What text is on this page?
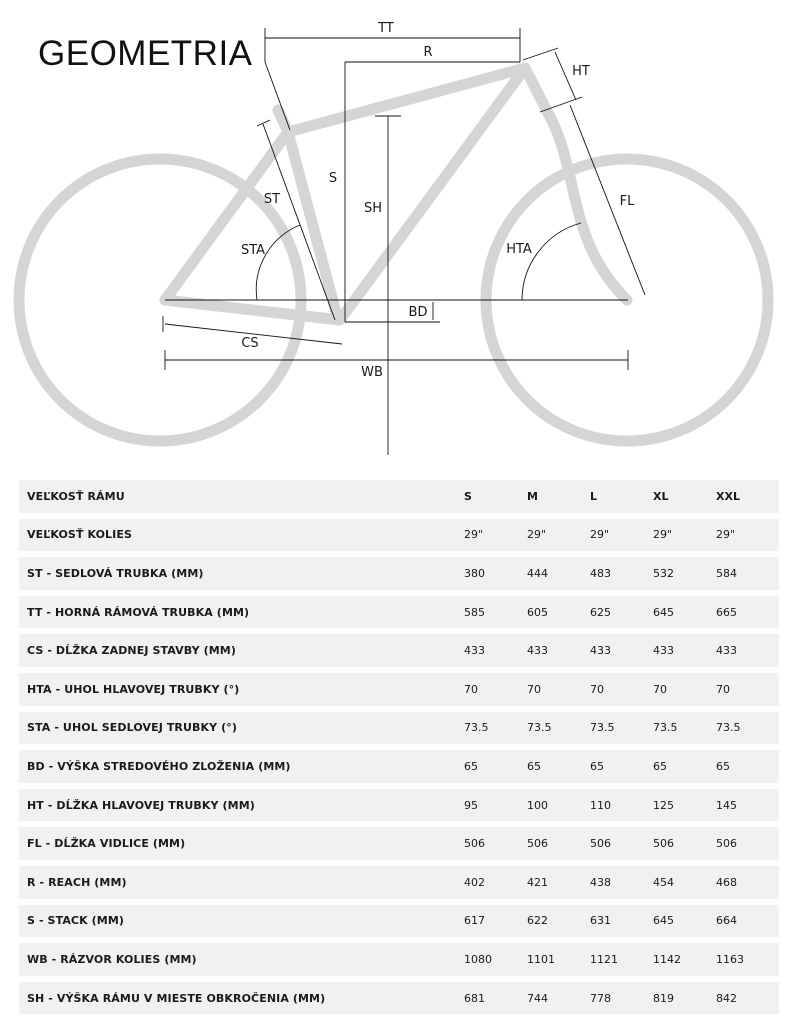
GEOMETRIA
TT
R
HT
ST
S
SH
STA
FL
HTA
BD
CS
WB
VEĽKOSŤ RÁMU	S	M	L	XL	XXL
VEĽKOSŤ KOLIES	29"	29"	29"	29"	29"
ST - SEDLOVÁ TRUBKA (MM)	380	444	483	532	584
TT - HORNÁ RÁMOVÁ TRUBKA (MM)	585	605	625	645	665
CS - DĹŽKA ZADNEJ STAVBY (MM)	433	433	433	433	433
HTA - UHOL HLAVOVEJ TRUBKY (°)	70	70	70	70	70
STA - UHOL SEDLOVEJ TRUBKY (°)	73.5	73.5	73.5	73.5	73.5
BD - VÝŠKA STREDOVÉHO ZLOŽENIA (MM)	65	65	65	65	65
HT - DĹŽKA HLAVOVEJ TRUBKY (MM)	95	100	110	125	145
FL - DĹŽKA VIDLICE (MM)	506	506	506	506	506
R - REACH (MM)	402	421	438	454	468
S - STACK (MM)	617	622	631	645	664
WB - RÁZVOR KOLIES (MM)	1080	1101	1121	1142	1163
SH - VÝŠKA RÁMU V MIESTE OBKROČENIA (MM)	681	744	778	819	842
